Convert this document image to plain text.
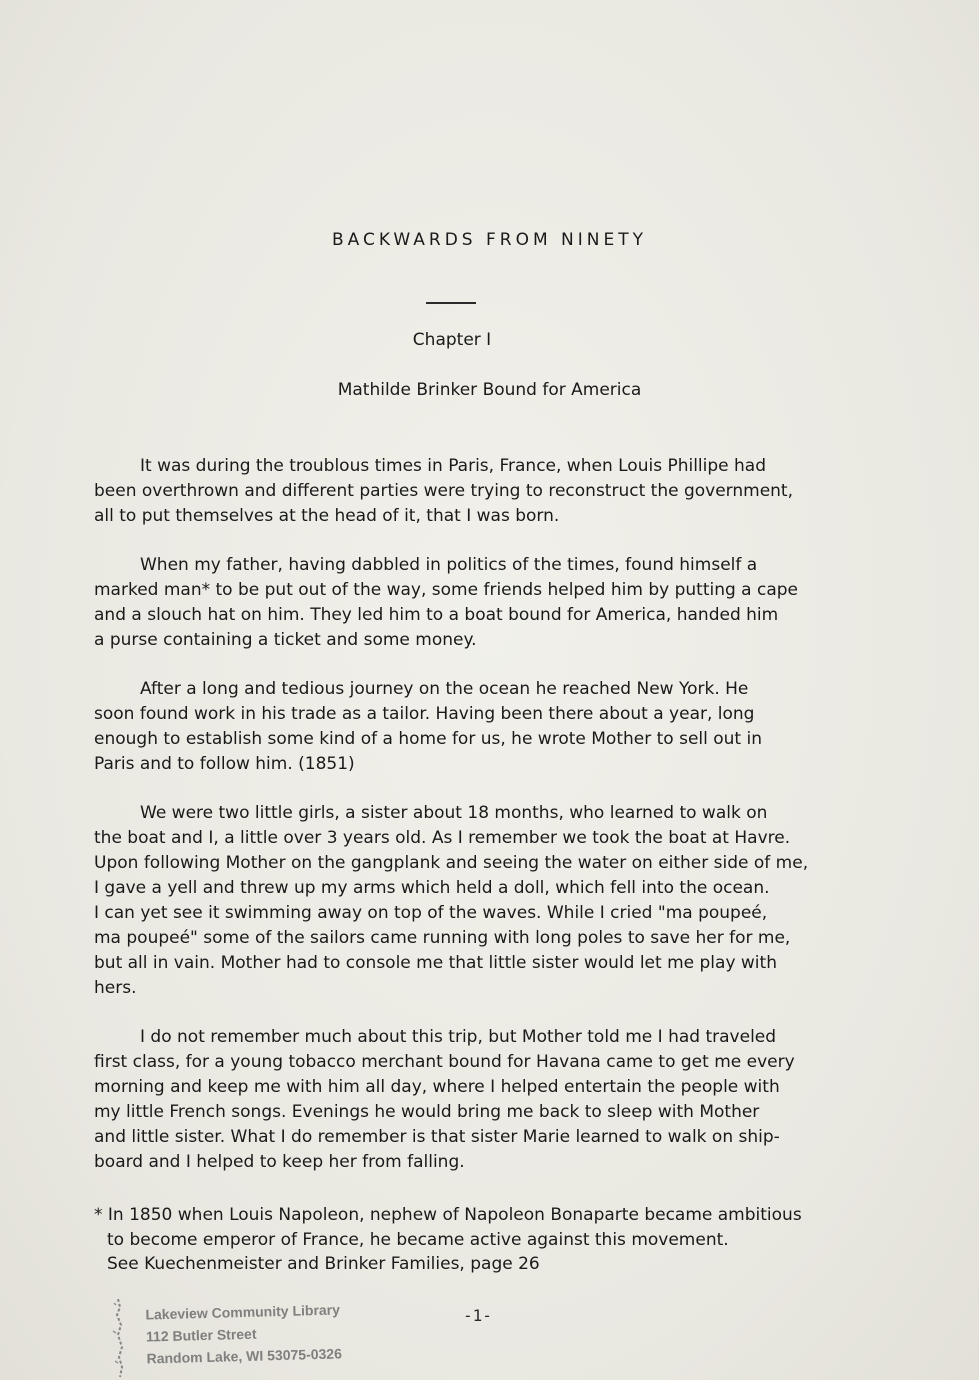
BACKWARDS FROM NINETY
Chapter I
Mathilde Brinker Bound for America

It was during the troublous times in Paris, France, when Louis Phillipe had
been overthrown and different parties were trying to reconstruct the government,
all to put themselves at the head of it, that I was born.

When my father, having dabbled in politics of the times, found himself a
marked man* to be put out of the way, some friends helped him by putting a cape
and a slouch hat on him. They led him to a boat bound for America, handed him
a purse containing a ticket and some money.

After a long and tedious journey on the ocean he reached New York. He
soon found work in his trade as a tailor. Having been there about a year, long
enough to establish some kind of a home for us, he wrote Mother to sell out in
Paris and to follow him. (1851)

We were two little girls, a sister about 18 months, who learned to walk on
the boat and I, a little over 3 years old. As I remember we took the boat at Havre.
Upon following Mother on the gangplank and seeing the water on either side of me,
I gave a yell and threw up my arms which held a doll, which fell into the ocean.
I can yet see it swimming away on top of the waves. While I cried "ma poupeé,
ma poupeé" some of the sailors came running with long poles to save her for me,
but all in vain. Mother had to console me that little sister would let me play with
hers.

I do not remember much about this trip, but Mother told me I had traveled
first class, for a young tobacco merchant bound for Havana came to get me every
morning and keep me with him all day, where I helped entertain the people with
my little French songs. Evenings he would bring me back to sleep with Mother
and little sister. What I do remember is that sister Marie learned to walk on ship-
board and I helped to keep her from falling.

* In 1850 when Louis Napoleon, nephew of Napoleon Bonaparte became ambitious
to become emperor of France, he became active against this movement.
See Kuechenmeister and Brinker Families, page 26
Lakeview Community Library
112 Butler Street
Random Lake, WI 53075-0326
-1-
